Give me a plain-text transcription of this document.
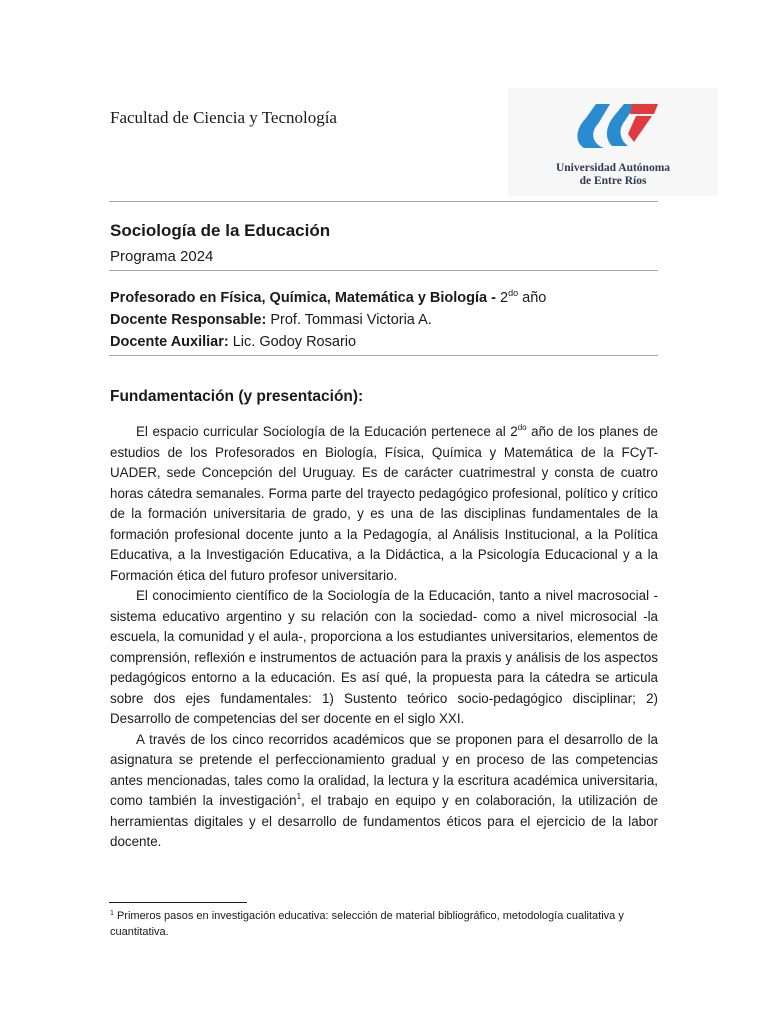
Facultad de Ciencia y Tecnología
Universidad Autónoma
de Entre Ríos
Sociología de la Educación
Programa 2024
Profesorado en Física, Química, Matemática y Biología - $2^{do}$ año
Docente Responsable: Prof. Tommasi Victoria A.
Docente Auxiliar: Lic. Godoy Rosario
Fundamentación (y presentación):

El espacio curricular Sociología de la Educación pertenece al $2^{do}$ año de los planes de estudios de los Profesorados en Biología, Física, Química y Matemática de la FCyT-UADER, sede Concepción del Uruguay. Es de carácter cuatrimestral y consta de cuatro horas cátedra semanales. Forma parte del trayecto pedagógico profesional, político y crítico de la formación universitaria de grado, y es una de las disciplinas fundamentales de la formación profesional docente junto a la Pedagogía, al Análisis Institucional, a la Política Educativa, a la Investigación Educativa, a la Didáctica, a la Psicología Educacional y a la Formación ética del futuro profesor universitario.

El conocimiento científico de la Sociología de la Educación, tanto a nivel macrosocial -sistema educativo argentino y su relación con la sociedad- como a nivel microsocial -la escuela, la comunidad y el aula-, proporciona a los estudiantes universitarios, elementos de comprensión, reflexión e instrumentos de actuación para la praxis y análisis de los aspectos pedagógicos entorno a la educación. Es así qué, la propuesta para la cátedra se articula sobre dos ejes fundamentales: 1) Sustento teórico socio-pedagógico disciplinar; 2) Desarrollo de competencias del ser docente en el siglo XXI.

A través de los cinco recorridos académicos que se proponen para el desarrollo de la asignatura se pretende el perfeccionamiento gradual y en proceso de las competencias antes mencionadas, tales como la oralidad, la lectura y la escritura académica universitaria, como también la investigación$^1$, el trabajo en equipo y en colaboración, la utilización de herramientas digitales y el desarrollo de fundamentos éticos para el ejercicio de la labor docente.

$^1$ Primeros pasos en investigación educativa: selección de material bibliográfico, metodología cualitativa y cuantitativa.
